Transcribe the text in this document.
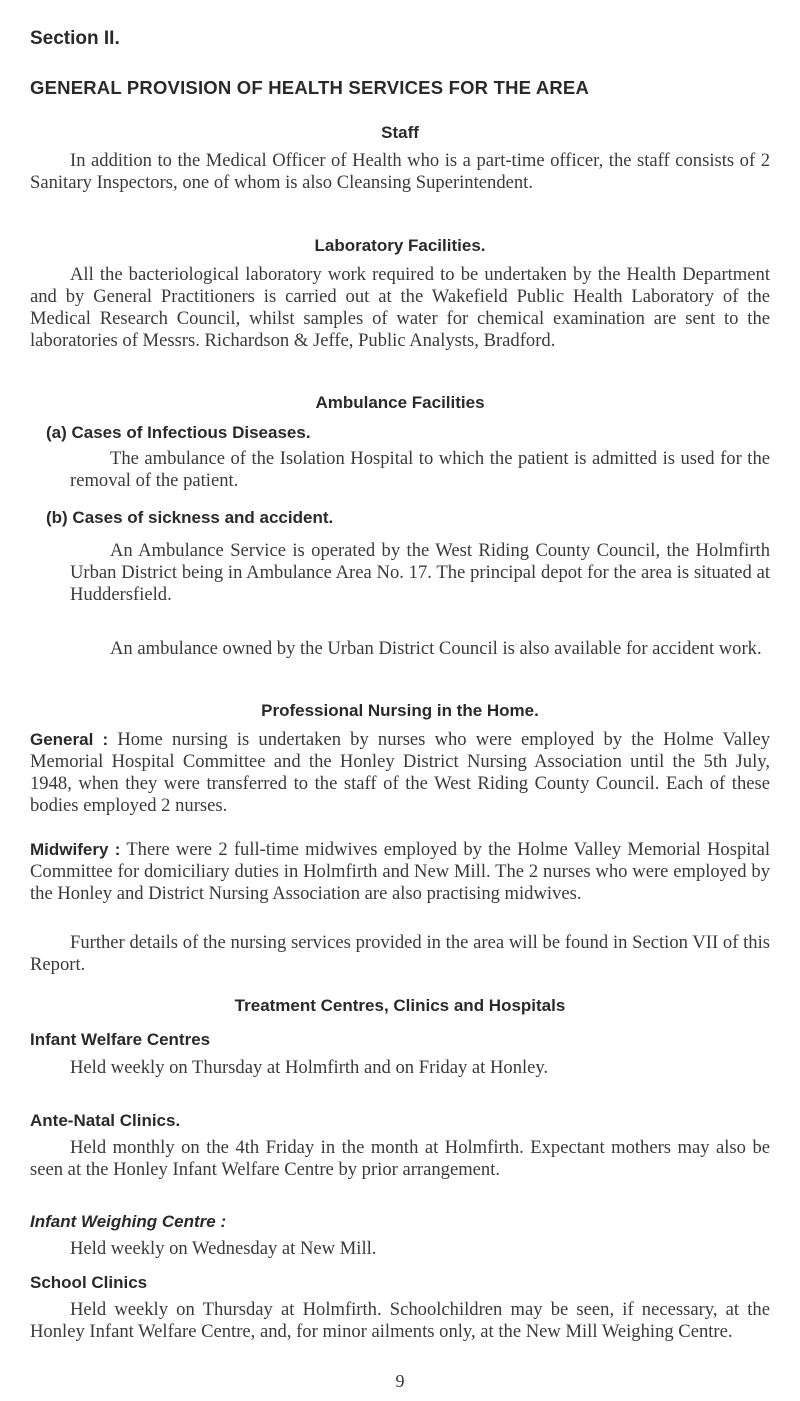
Section II.
GENERAL PROVISION OF HEALTH SERVICES FOR THE AREA
Staff

In addition to the Medical Officer of Health who is a part-time officer, the staff consists of 2 Sanitary Inspectors, one of whom is also Cleansing Superintendent.

Laboratory Facilities.

All the bacteriological laboratory work required to be undertaken by the Health Department and by General Practitioners is carried out at the Wakefield Public Health Laboratory of the Medical Research Council, whilst samples of water for chemical examination are sent to the laboratories of Messrs. Richardson & Jeffe, Public Analysts, Bradford.

Ambulance Facilities
(a) Cases of Infectious Diseases.

The ambulance of the Isolation Hospital to which the patient is admitted is used for the removal of the patient.

(b) Cases of sickness and accident.

An Ambulance Service is operated by the West Riding County Council, the Holmfirth Urban District being in Ambulance Area No. 17. The principal depot for the area is situated at Huddersfield.

An ambulance owned by the Urban District Council is also available for accident work.

Professional Nursing in the Home.

General : Home nursing is undertaken by nurses who were employed by the Holme Valley Memorial Hospital Committee and the Honley District Nursing Association until the 5th July, 1948, when they were transferred to the staff of the West Riding County Council. Each of these bodies employed 2 nurses.

Midwifery : There were 2 full-time midwives employed by the Holme Valley Memorial Hospital Committee for domiciliary duties in Holmfirth and New Mill. The 2 nurses who were employed by the Honley and District Nursing Association are also practising midwives.

Further details of the nursing services provided in the area will be found in Section VII of this Report.

Treatment Centres, Clinics and Hospitals
Infant Welfare Centres

Held weekly on Thursday at Holmfirth and on Friday at Honley.

Ante-Natal Clinics.

Held monthly on the 4th Friday in the month at Holmfirth. Expectant mothers may also be seen at the Honley Infant Welfare Centre by prior arrangement.

Infant Weighing Centre :

Held weekly on Wednesday at New Mill.

School Clinics

Held weekly on Thursday at Holmfirth. Schoolchildren may be seen, if necessary, at the Honley Infant Welfare Centre, and, for minor ailments only, at the New Mill Weighing Centre.

9
